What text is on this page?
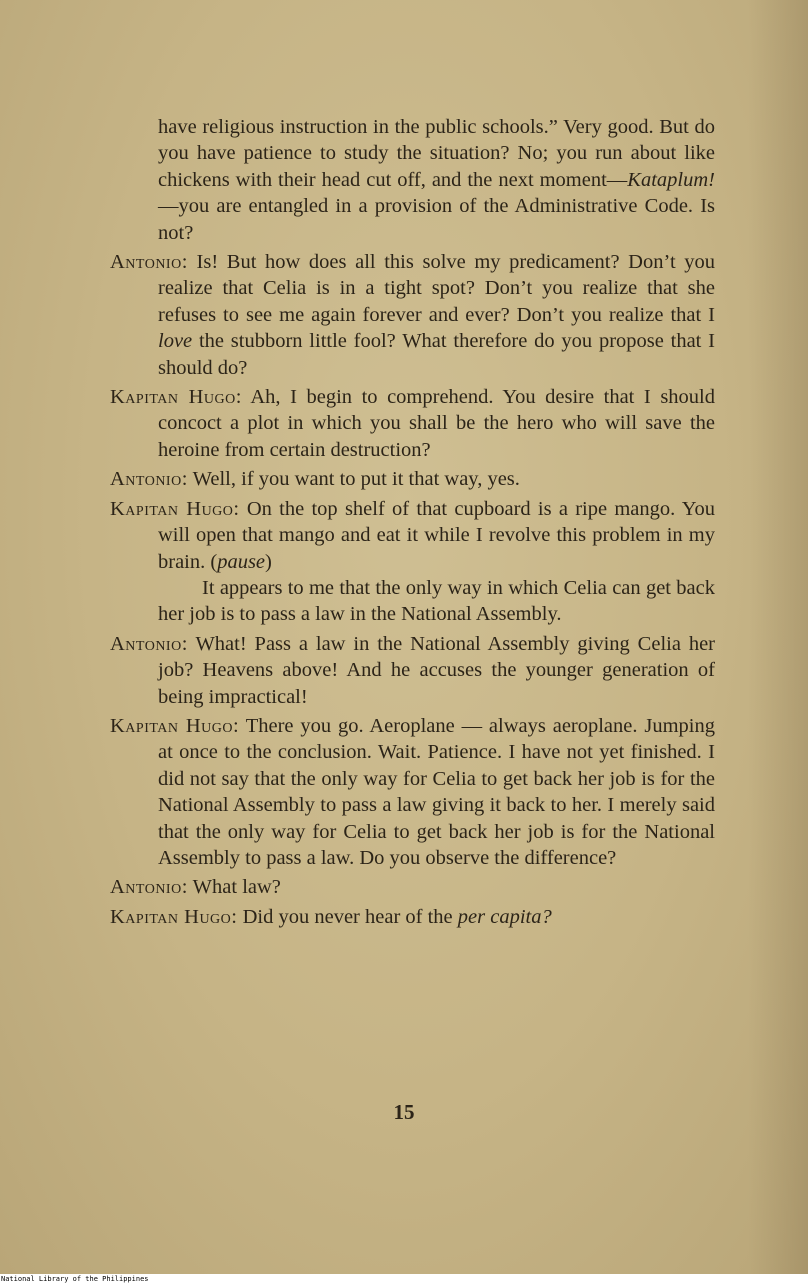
have religious instruction in the public schools.” Very good. But do you have patience to study the situation? No; you run about like chickens with their head cut off, and the next moment—Kataplum!—you are entangled in a provision of the Administrative Code. Is not?

Antonio: Is! But how does all this solve my predicament? Don’t you realize that Celia is in a tight spot? Don’t you realize that she refuses to see me again forever and ever? Don’t you realize that I love the stubborn little fool? What therefore do you propose that I should do?

Kapitan Hugo: Ah, I begin to comprehend. You desire that I should concoct a plot in which you shall be the hero who will save the heroine from certain destruction?

Antonio: Well, if you want to put it that way, yes.

Kapitan Hugo: On the top shelf of that cupboard is a ripe mango. You will open that mango and eat it while I revolve this problem in my brain. (pause)

It appears to me that the only way in which Celia can get back her job is to pass a law in the National Assembly.

Antonio: What! Pass a law in the National Assembly giving Celia her job? Heavens above! And he accuses the younger generation of being impractical!

Kapitan Hugo: There you go. Aeroplane — always aeroplane. Jumping at once to the conclusion. Wait. Patience. I have not yet finished. I did not say that the only way for Celia to get back her job is for the National Assembly to pass a law giving it back to her. I merely said that the only way for Celia to get back her job is for the National Assembly to pass a law. Do you observe the difference?

Antonio: What law?

Kapitan Hugo: Did you never hear of the per capita?

15
National Library of the Philippines
